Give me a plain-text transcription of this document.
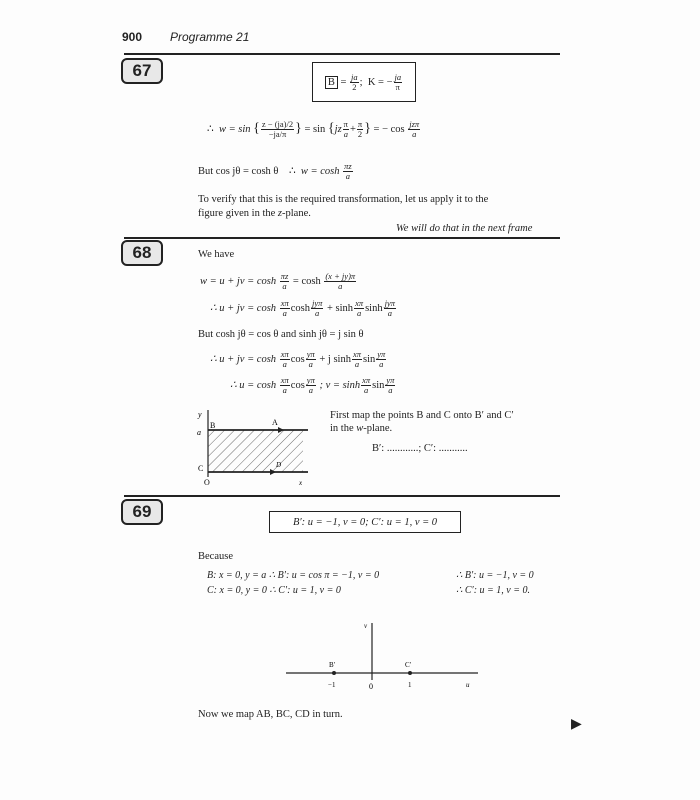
900 Programme 21
67
$B = \frac{ja}{2}$ ; K = − $\frac{ja}{\pi}$
∴ w = sin { $\frac{z - (ja)/2}{-ja/\pi}$ } = $\sin \{jz \frac{\pi}{a} + \frac{\pi}{2}$ } = − $\cos \frac{\text{jzπ}}{a}$
But cos jθ = cosh θ ∴ $w = \cosh \frac{\pi z}{a}$
To verify that this is the required transformation, let us apply it to the
figure given in the z-plane.
We will do that in the next frame
68	We have
w = u + jv = $\cosh \frac{\pi z}{a} = \cosh \frac{(x + jy)\pi}{a}$
∴ u + jv = $\cosh \frac{x\pi}{a}$ $\cosh \frac{\text{jyπ}}{a} + \sinh \frac{x\pi}{a}$ $\sinh \frac{\text{jyπ}}{a}$
But cosh jθ = cos θ and sinh jθ = j sin θ
∴ u + jv = $\cosh \frac{x\pi}{a}$ $\cos \frac{y\pi}{a} + j$ $\sinh \frac{x\pi}{a}$ $\sin \frac{y\pi}{a}$
∴ $u = \cosh \frac{x\pi}{a}$ $\cos \frac{y\pi}{a}$ ; $v = \sinh \frac{x\pi}{a}$ $\sin \frac{y\pi}{a}$
y
a
B	A
C
O
D
x
First map the points B and C onto B′ and C′
in the w-plane.
B′: ............; C′: ...........
69
B′: u = −1, v = 0; C′: u = 1, v = 0
Because
B: x = 0, y = a ∴ B′: u = cos π = −1, v = 0	∴ B′: u = −1, v = 0
C: x = 0, y = 0 ∴ C′: u = 1, v = 0	∴ C′: u = 1, v = 0.
v
u
B′	C′
−1	0	1
Now we map AB, BC, CD in turn.
▶
